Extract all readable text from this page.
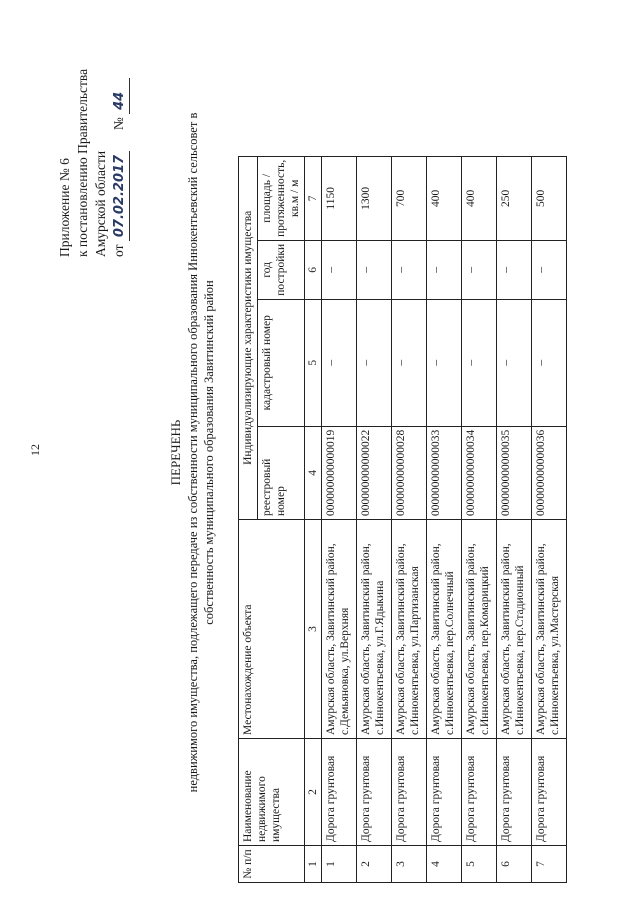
12
Приложение № 6 к постановлению Правительства Амурской области от 07.02.2017  № 44
ПЕРЕЧЕНЬ недвижимого имущества, подлежащего передаче из собственности муниципального образования Иннокентьевский сельсовет в собственность муниципального образования Завитинский район
№ п/п	Наименование недвижимого имущества	Местонахождение объекта	Индивидуализирующие характеристики имущества			
			реестровый номер	кадастровый номер	год постройки	площадь / протяженность, кв.м / м
1	2	3	4	5	6	7
1	Дорога грунтовая	Амурская область, Завитинский район, с.Демьяновка, ул.Верхняя	000000000000019	–	–	1150
2	Дорога грунтовая	Амурская область, Завитинский район, с.Иннокентьевка, ул.Г.Ядыкина	000000000000022	–	–	1300
3	Дорога грунтовая	Амурская область, Завитинский район, с.Иннокентьевка, ул.Партизанская	000000000000028	–	–	700
4	Дорога грунтовая	Амурская область, Завитинский район, с.Иннокентьевка, пер.Солнечный	000000000000033	–	–	400
5	Дорога грунтовая	Амурская область, Завитинский район, с.Иннокентьевка, пер.Комарицкий	000000000000034	–	–	400
6	Дорога грунтовая	Амурская область, Завитинский район, с.Иннокентьевка, пер.Стадионный	000000000000035	–	–	250
7	Дорога грунтовая	Амурская область, Завитинский район, с.Иннокентьевка, ул.Мастерская	000000000000036	–	–	500
